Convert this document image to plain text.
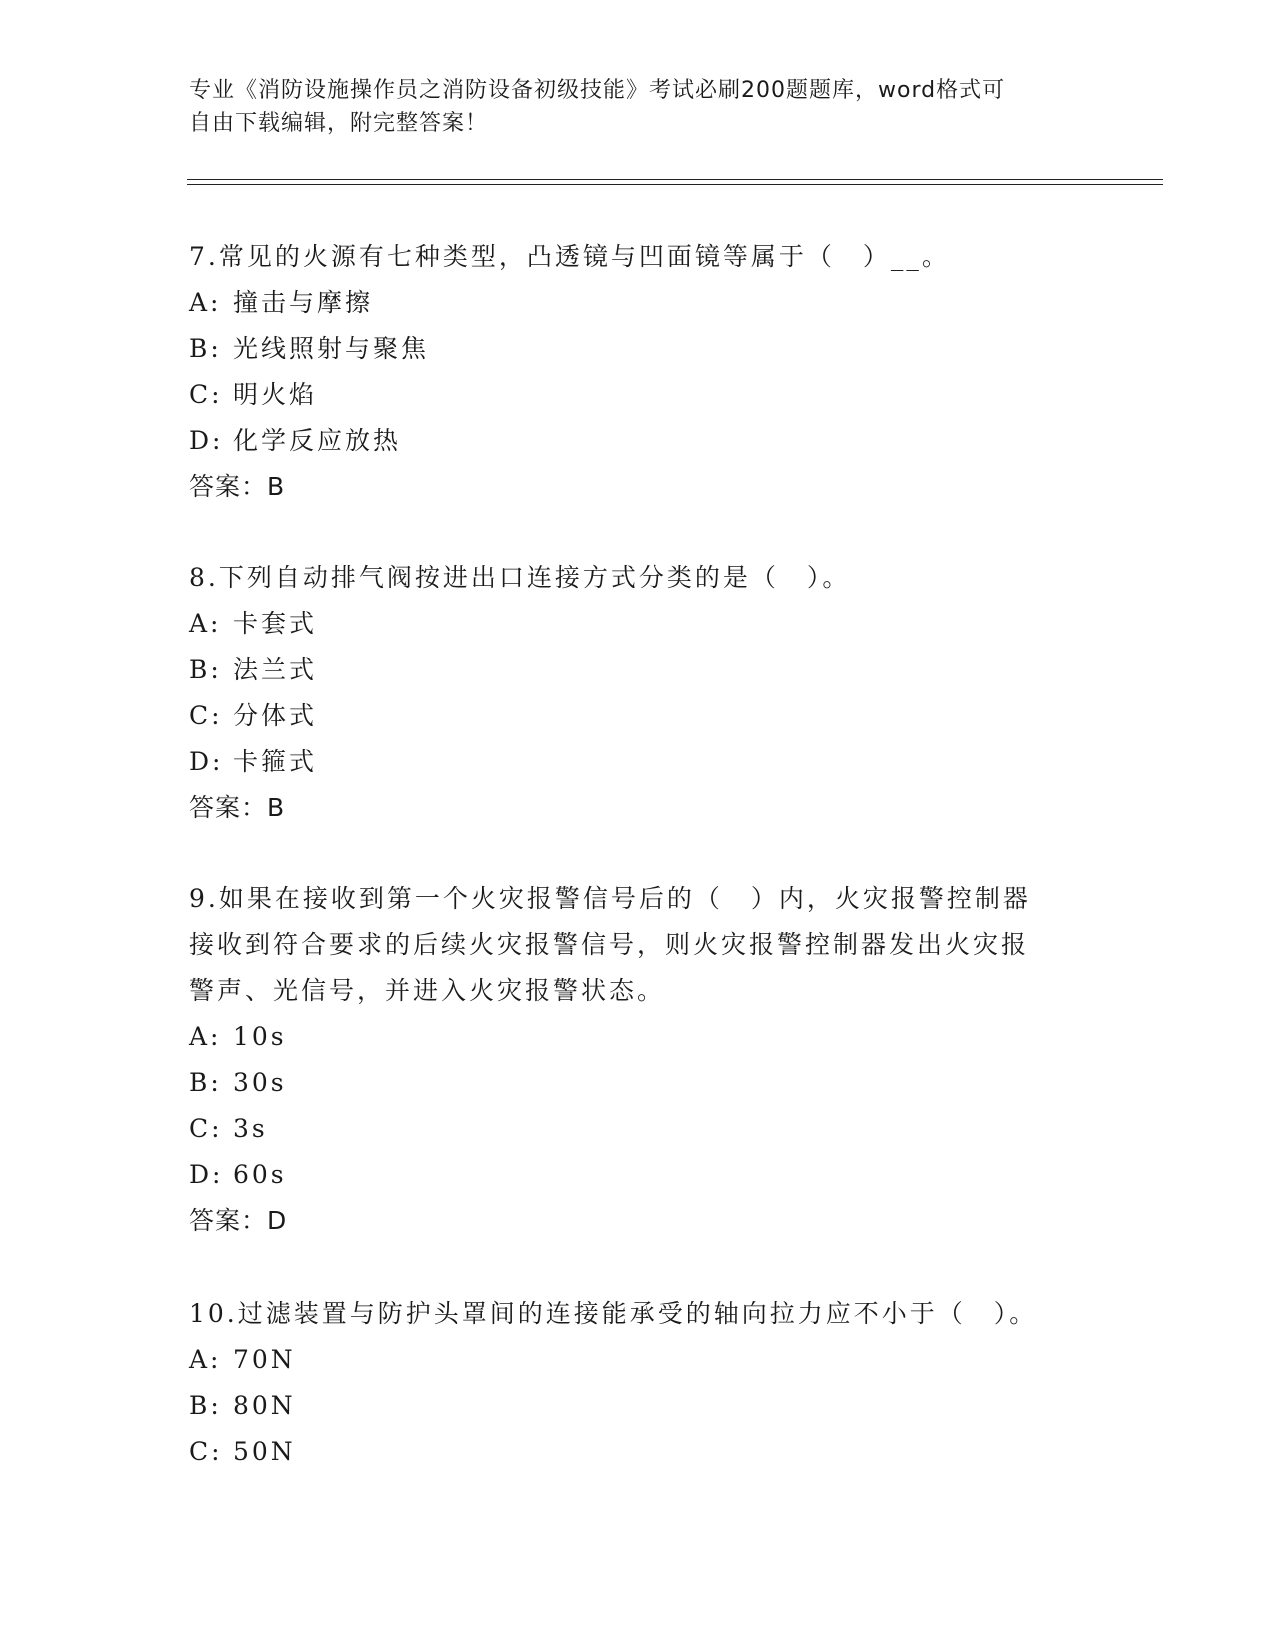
专业《消防设施操作员之消防设备初级技能》考试必刷200题题库，word格式可
自由下载编辑，附完整答案！
7.常见的火源有七种类型，凸透镜与凹面镜等属于（　）__。
A: 撞击与摩擦
B: 光线照射与聚焦
C: 明火焰
D: 化学反应放热
答案：B
8.下列自动排气阀按进出口连接方式分类的是（　）。
A: 卡套式
B: 法兰式
C: 分体式
D: 卡箍式
答案：B
9.如果在接收到第一个火灾报警信号后的（　）内，火灾报警控制器
接收到符合要求的后续火灾报警信号，则火灾报警控制器发出火灾报
警声、光信号，并进入火灾报警状态。
A: 10s
B: 30s
C: 3s
D: 60s
答案：D
10.过滤装置与防护头罩间的连接能承受的轴向拉力应不小于（　）。
A: 70N
B: 80N
C: 50N
